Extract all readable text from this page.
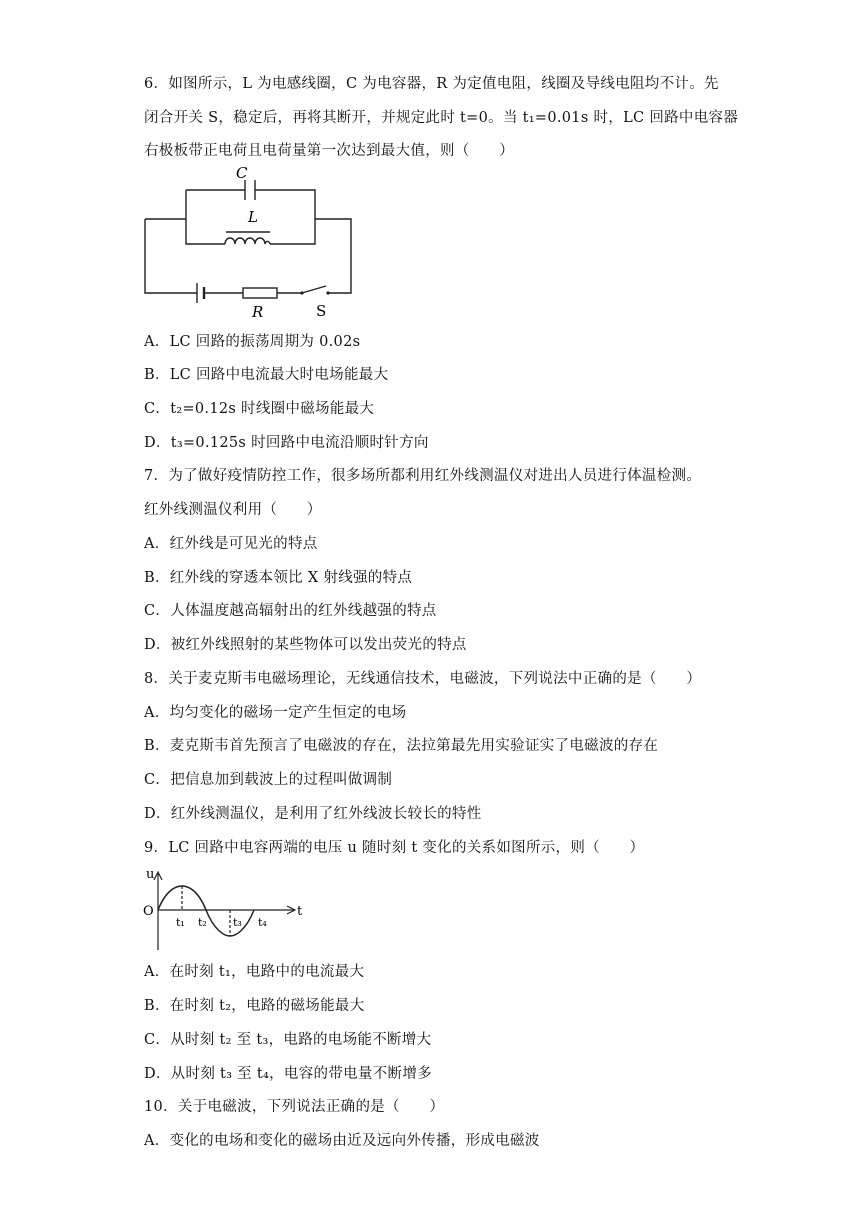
6．如图所示，L 为电感线圈，C 为电容器，R 为定值电阻，线圈及导线电阻均不计。先
闭合开关 S，稳定后，再将其断开，并规定此时 t=0。当 t₁=0.01s 时，LC 回路中电容器
右极板带正电荷且电荷量第一次达到最大值，则（　　）
C
L
R	S
A．LC 回路的振荡周期为 0.02s
B．LC 回路中电流最大时电场能最大
C．t₂=0.12s 时线圈中磁场能最大
D．t₃=0.125s 时回路中电流沿顺时针方向
7．为了做好疫情防控工作，很多场所都利用红外线测温仪对进出人员进行体温检测。
红外线测温仪利用（　　）
A．红外线是可见光的特点
B．红外线的穿透本领比 X 射线强的特点
C．人体温度越高辐射出的红外线越强的特点
D．被红外线照射的某些物体可以发出荧光的特点
8．关于麦克斯韦电磁场理论，无线通信技术，电磁波，下列说法中正确的是（　　）
A．均匀变化的磁场一定产生恒定的电场
B．麦克斯韦首先预言了电磁波的存在，法拉第最先用实验证实了电磁波的存在
C．把信息加到载波上的过程叫做调制
D．红外线测温仪，是利用了红外线波长较长的特性
9．LC 回路中电容两端的电压 u 随时刻 t 变化的关系如图所示，则（　　）
u
t
O
t₁ t₂ t₃ t₄
A．在时刻 t₁，电路中的电流最大
B．在时刻 t₂，电路的磁场能最大
C．从时刻 t₂ 至 t₃，电路的电场能不断增大
D．从时刻 t₃ 至 t₄，电容的带电量不断增多
10．关于电磁波，下列说法正确的是（　　）
A．变化的电场和变化的磁场由近及远向外传播，形成电磁波
